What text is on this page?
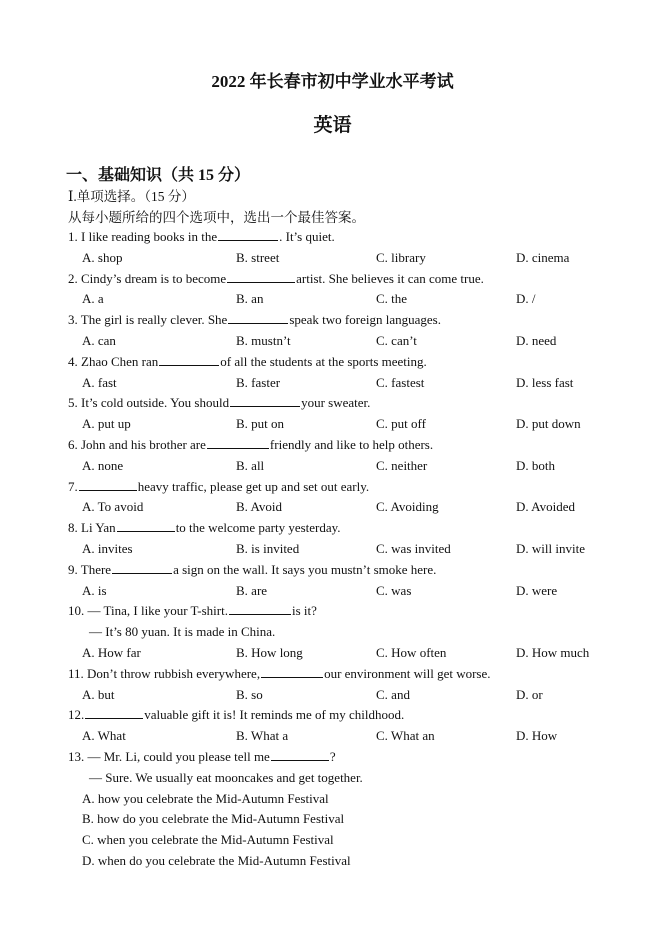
2022 年长春市初中学业水平考试
英语
一、基础知识（共 15 分）
Ⅰ.单项选择。（15 分）
从每小题所给的四个选项中，选出一个最佳答案。
1. I like reading books in the	. It’s quiet.
A. shop	B. street	C. library	D. cinema
2. Cindy’s dream is to become	artist. She believes it can come true.
A. a	B. an	C. the	D. /
3. The girl is really clever. She	speak two foreign languages.
A. can	B. mustn’t	C. can’t	D. need
4. Zhao Chen ran	of all the students at the sports meeting.
A. fast	B. faster	C. fastest	D. less fast
5. It’s cold outside. You should	your sweater.
A. put up	B. put on	C. put off	D. put down
6. John and his brother are	friendly and like to help others.
A. none	B. all	C. neither	D. both
7.	heavy traffic, please get up and set out early.
A. To avoid	B. Avoid	C. Avoiding	D. Avoided
8. Li Yan	to the welcome party yesterday.
A. invites	B. is invited	C. was invited	D. will invite
9. There	a sign on the wall. It says you mustn’t smoke here.
A. is	B. are	C. was	D. were
10. — Tina, I like your T-shirt.	is it?
— It’s 80 yuan. It is made in China.
A. How far	B. How long	C. How often	D. How much
11. Don’t throw rubbish everywhere,	our environment will get worse.
A. but	B. so	C. and	D. or
12.	valuable gift it is! It reminds me of my childhood.
A. What	B. What a	C. What an	D. How
13. — Mr. Li, could you please tell me	?
— Sure. We usually eat mooncakes and get together.
A. how you celebrate the Mid-Autumn Festival
B. how do you celebrate the Mid-Autumn Festival
C. when you celebrate the Mid-Autumn Festival
D. when do you celebrate the Mid-Autumn Festival
